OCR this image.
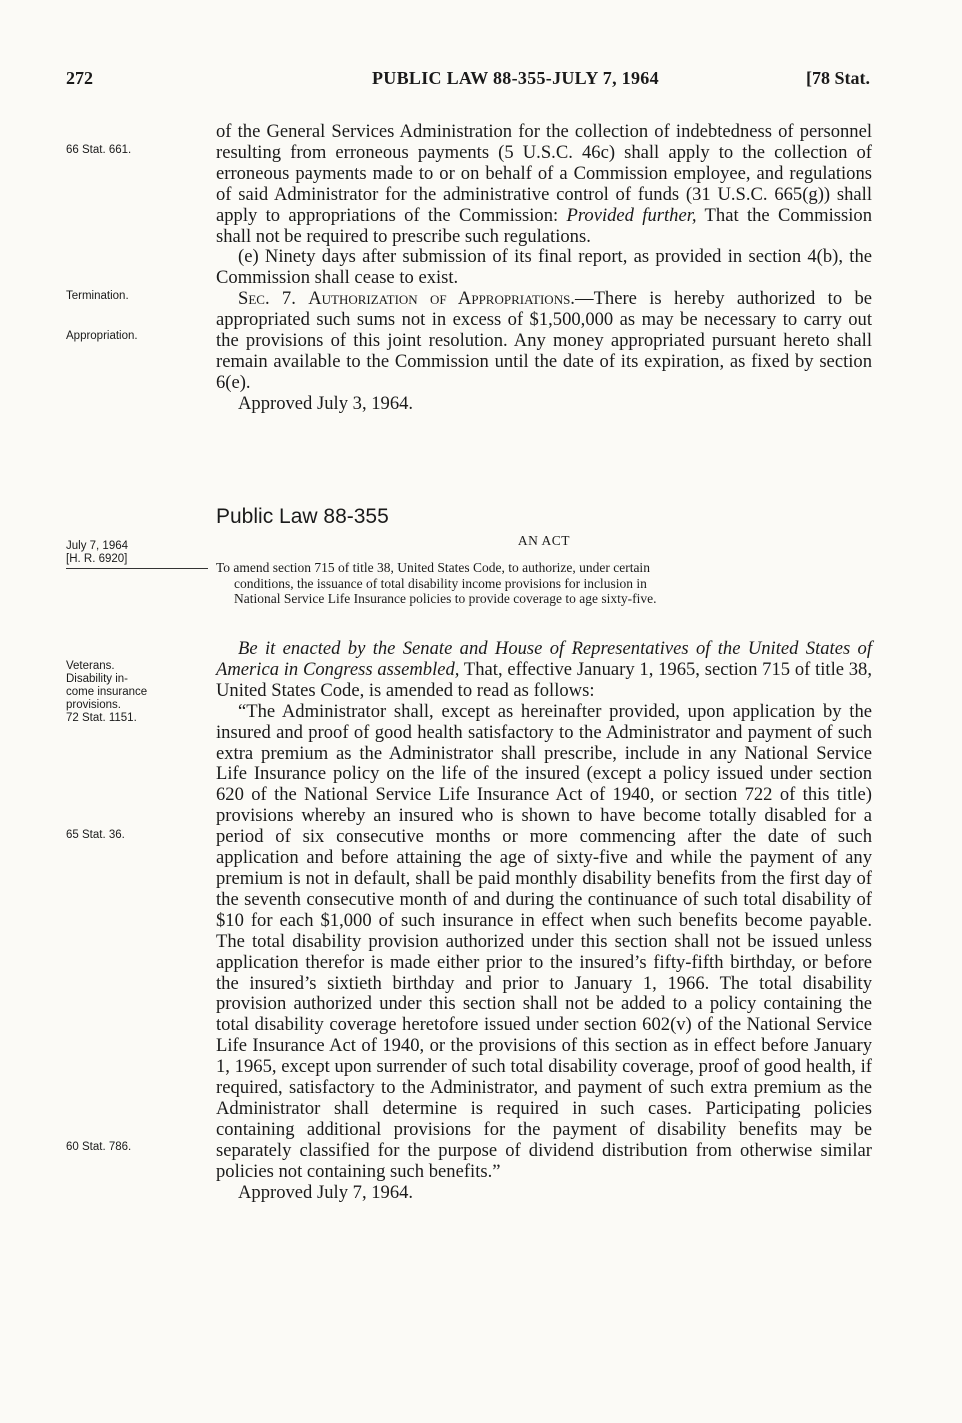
272	PUBLIC LAW 88-355-JULY 7, 1964	[78 Stat.
66 Stat. 661.
Termination.
Appropriation.
July 7, 1964
[H. R. 6920]
Veterans.
Disability in-
come insurance
provisions.
72 Stat. 1151.
65 Stat. 36.
60 Stat. 786.

of the General Services Administration for the collection of indebtedness of personnel resulting from erroneous payments (5 U.S.C. 46c) shall apply to the collection of erroneous payments made to or on behalf of a Commission employee, and regulations of said Administrator for the administrative control of funds (31 U.S.C. 665(g)) shall apply to appropriations of the Commission: Provided further, That the Commission shall not be required to prescribe such regulations.

(e) Ninety days after submission of its final report, as provided in section 4(b), the Commission shall cease to exist.

Sec. 7. Authorization of Appropriations.—There is hereby authorized to be appropriated such sums not in excess of $1,500,000 as may be necessary to carry out the provisions of this joint resolution. Any money appropriated pursuant hereto shall remain available to the Commission until the date of its expiration, as fixed by section 6(e).

Approved July 3, 1964.

Public Law 88-355
AN ACT
To amend section 715 of title 38, United States Code, to authorize, under certain
conditions, the issuance of total disability income provisions for inclusion in
National Service Life Insurance policies to provide coverage to age sixty-five.

Be it enacted by the Senate and House of Representatives of the United States of America in Congress assembled, That, effective January 1, 1965, section 715 of title 38, United States Code, is amended to read as follows:

“The Administrator shall, except as hereinafter provided, upon application by the insured and proof of good health satisfactory to the Administrator and payment of such extra premium as the Administrator shall prescribe, include in any National Service Life Insurance policy on the life of the insured (except a policy issued under section 620 of the National Service Life Insurance Act of 1940, or section 722 of this title) provisions whereby an insured who is shown to have become totally disabled for a period of six consecutive months or more commencing after the date of such application and before attaining the age of sixty-five and while the payment of any premium is not in default, shall be paid monthly disability benefits from the first day of the seventh consecutive month of and during the continuance of such total disability of $10 for each $1,000 of such insurance in effect when such benefits become payable. The total disability provision authorized under this section shall not be issued unless application therefor is made either prior to the insured’s fifty-fifth birthday, or before the insured’s sixtieth birthday and prior to January 1, 1966. The total disability provision authorized under this section shall not be added to a policy containing the total disability coverage heretofore issued under section 602(v) of the National Service Life Insurance Act of 1940, or the provisions of this section as in effect before January 1, 1965, except upon surrender of such total disability coverage, proof of good health, if required, satisfactory to the Administrator, and payment of such extra premium as the Administrator shall determine is required in such cases. Participating policies containing additional provisions for the payment of disability benefits may be separately classified for the purpose of dividend distribution from otherwise similar policies not containing such benefits.”

Approved July 7, 1964.
